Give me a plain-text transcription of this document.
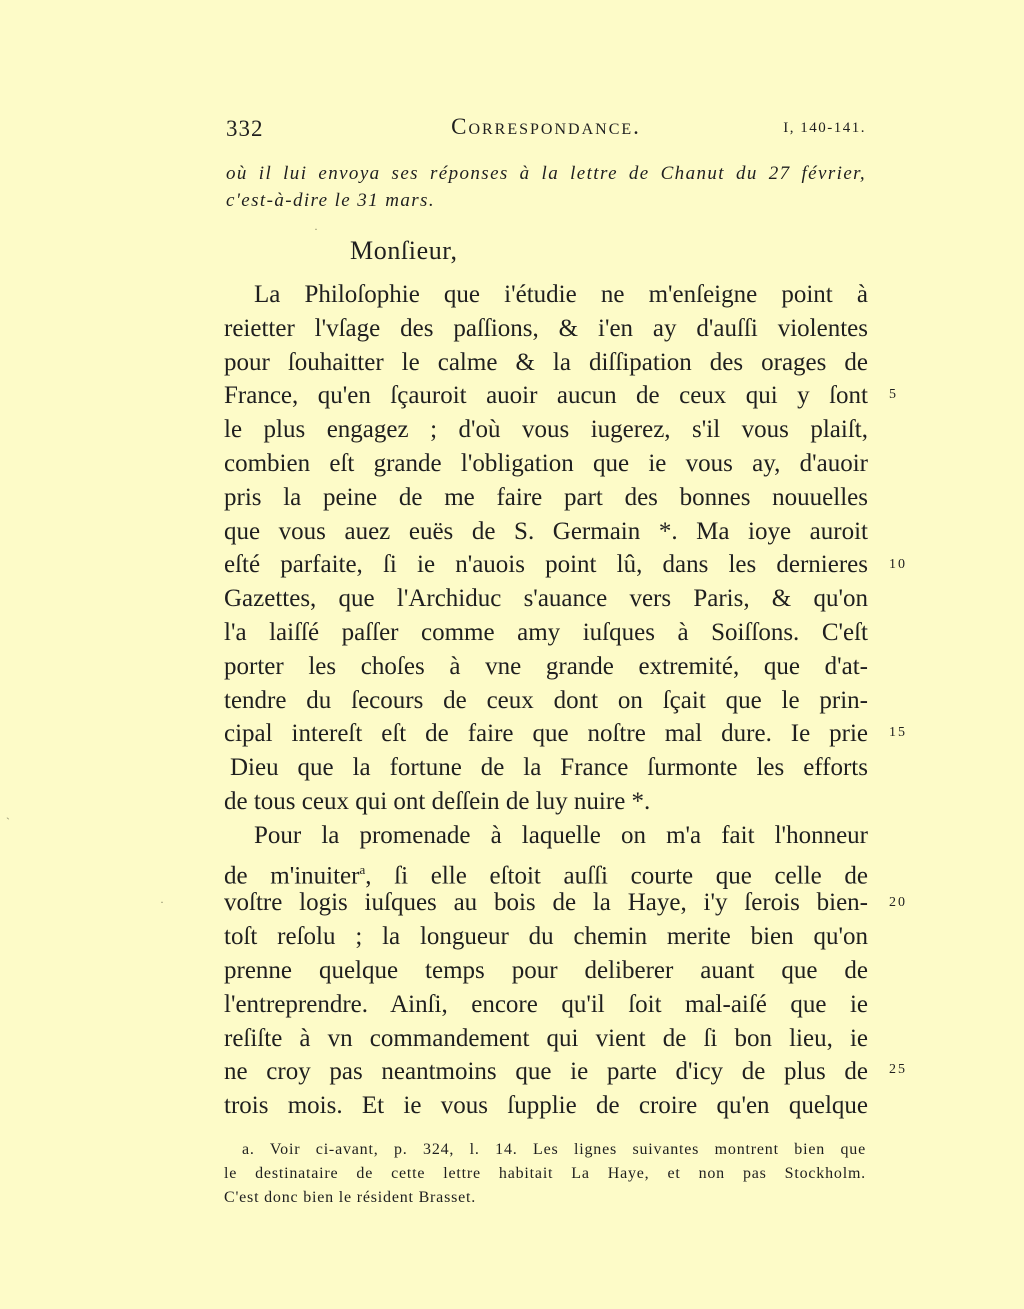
332	Correspondance.	I, 140-141.
où il lui envoya ses réponses à la lettre de Chanut du 27 février,
c'est-à-dire le 31 mars.
Monſieur,
La Philoſophie que i'étudie ne m'enſeigne point à
reietter l'vſage des paſſions, & i'en ay d'auſſi violentes
pour ſouhaitter le calme & la diſſipation des orages de
France, qu'en ſçauroit auoir aucun de ceux qui y ſont
le plus engagez ; d'où vous iugerez, s'il vous plaiſt,
combien eſt grande l'obligation que ie vous ay, d'auoir
pris la peine de me faire part des bonnes nouuelles
que vous auez euës de S. Germain *. Ma ioye auroit
eſté parfaite, ſi ie n'auois point lû, dans les dernieres
Gazettes, que l'Archiduc s'auance vers Paris, & qu'on
l'a laiſſé paſſer comme amy iuſques à Soiſſons. C'eſt
porter les choſes à vne grande extremité, que d'at-
tendre du ſecours de ceux dont on ſçait que le prin-
cipal intereſt eſt de faire que noſtre mal dure. Ie prie
Dieu que la fortune de la France ſurmonte les efforts
de tous ceux qui ont deſſein de luy nuire *.
Pour la promenade à laquelle on m'a fait l'honneur
de m'inuiter$^a$, ſi elle eſtoit auſſi courte que celle de
voſtre logis iuſques au bois de la Haye, i'y ſerois bien-
toſt reſolu ; la longueur du chemin merite bien qu'on
prenne quelque temps pour deliberer auant que de
l'entreprendre. Ainſi, encore qu'il ſoit mal-aiſé que ie
reſiſte à vn commandement qui vient de ſi bon lieu, ie
ne croy pas neantmoins que ie parte d'icy de plus de
trois mois. Et ie vous ſupplie de croire qu'en quelque
5
10
15
20
25
a. Voir ci-avant, p. 324, l. 14. Les lignes suivantes montrent bien que
le destinataire de cette lettre habitait La Haye, et non pas Stockholm.
C'est donc bien le résident Brasset.
ˏ
·
·
